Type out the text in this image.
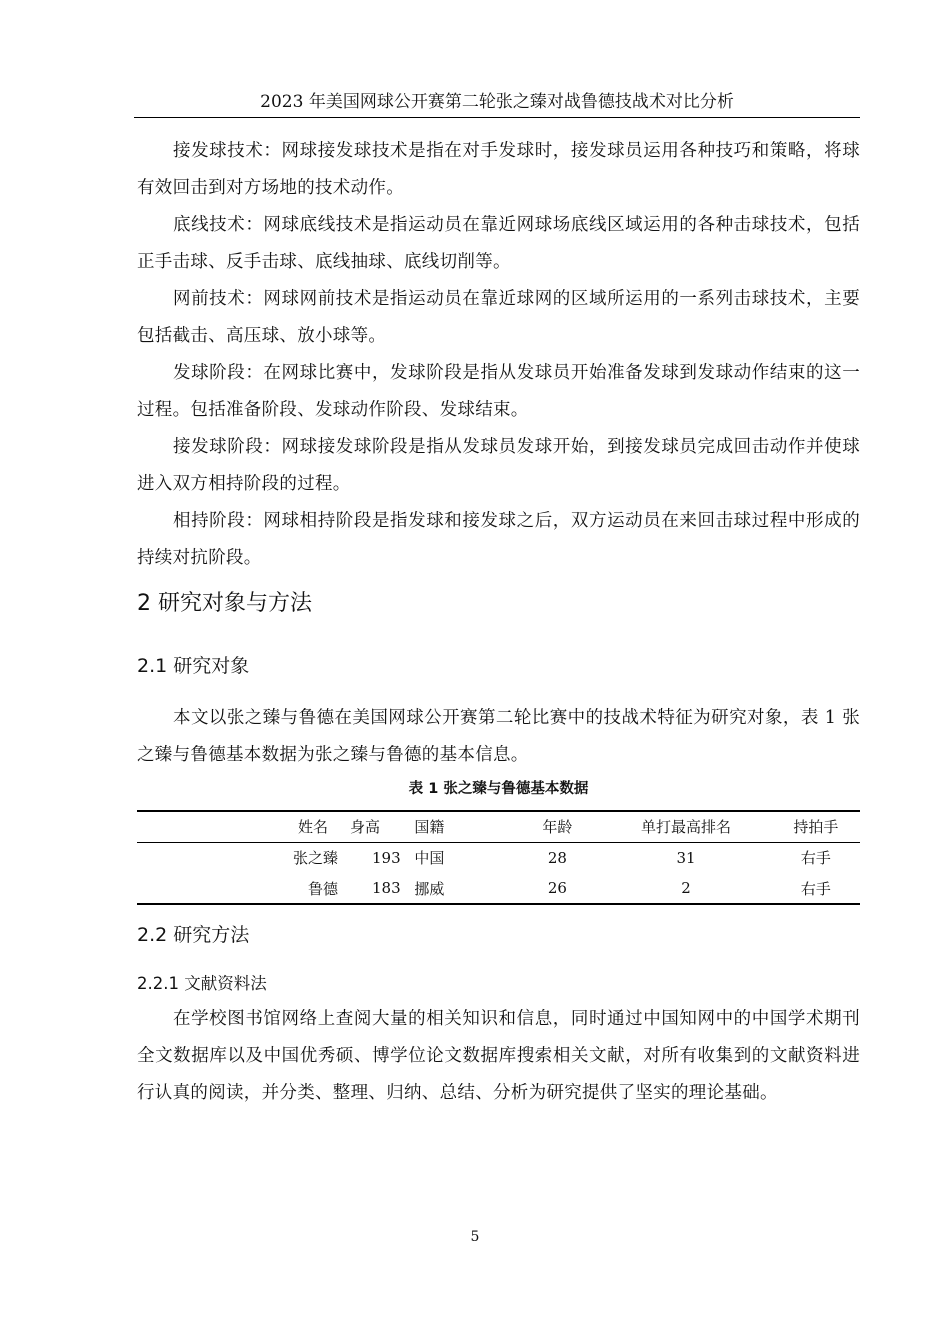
2023 年美国网球公开赛第二轮张之臻对战鲁德技战术对比分析

接发球技术：网球接发球技术是指在对手发球时，接发球员运用各种技巧和策略，将球有效回击到对方场地的技术动作。

底线技术：网球底线技术是指运动员在靠近网球场底线区域运用的各种击球技术，包括正手击球、反手击球、底线抽球、底线切削等。

网前技术：网球网前技术是指运动员在靠近球网的区域所运用的一系列击球技术，主要包括截击、高压球、放小球等。

发球阶段：在网球比赛中，发球阶段是指从发球员开始准备发球到发球动作结束的这一过程。包括准备阶段、发球动作阶段、发球结束。

接发球阶段：网球接发球阶段是指从发球员发球开始，到接发球员完成回击动作并使球进入双方相持阶段的过程。

相持阶段：网球相持阶段是指发球和接发球之后，双方运动员在来回击球过程中形成的持续对抗阶段。

2 研究对象与方法
2.1 研究对象

本文以张之臻与鲁德在美国网球公开赛第二轮比赛中的技战术特征为研究对象，表 1 张之臻与鲁德基本数据为张之臻与鲁德的基本信息。

表 1 张之臻与鲁德基本数据
姓名	身高	国籍	年龄	单打最高排名	持拍手
张之臻	193	中国	28	31	右手
鲁德	183	挪威	26	2	右手
2.2 研究方法
2.2.1 文献资料法

在学校图书馆网络上查阅大量的相关知识和信息，同时通过中国知网中的中国学术期刊全文数据库以及中国优秀硕、博学位论文数据库搜索相关文献，对所有收集到的文献资料进行认真的阅读，并分类、整理、归纳、总结、分析为研究提供了坚实的理论基础。

5
